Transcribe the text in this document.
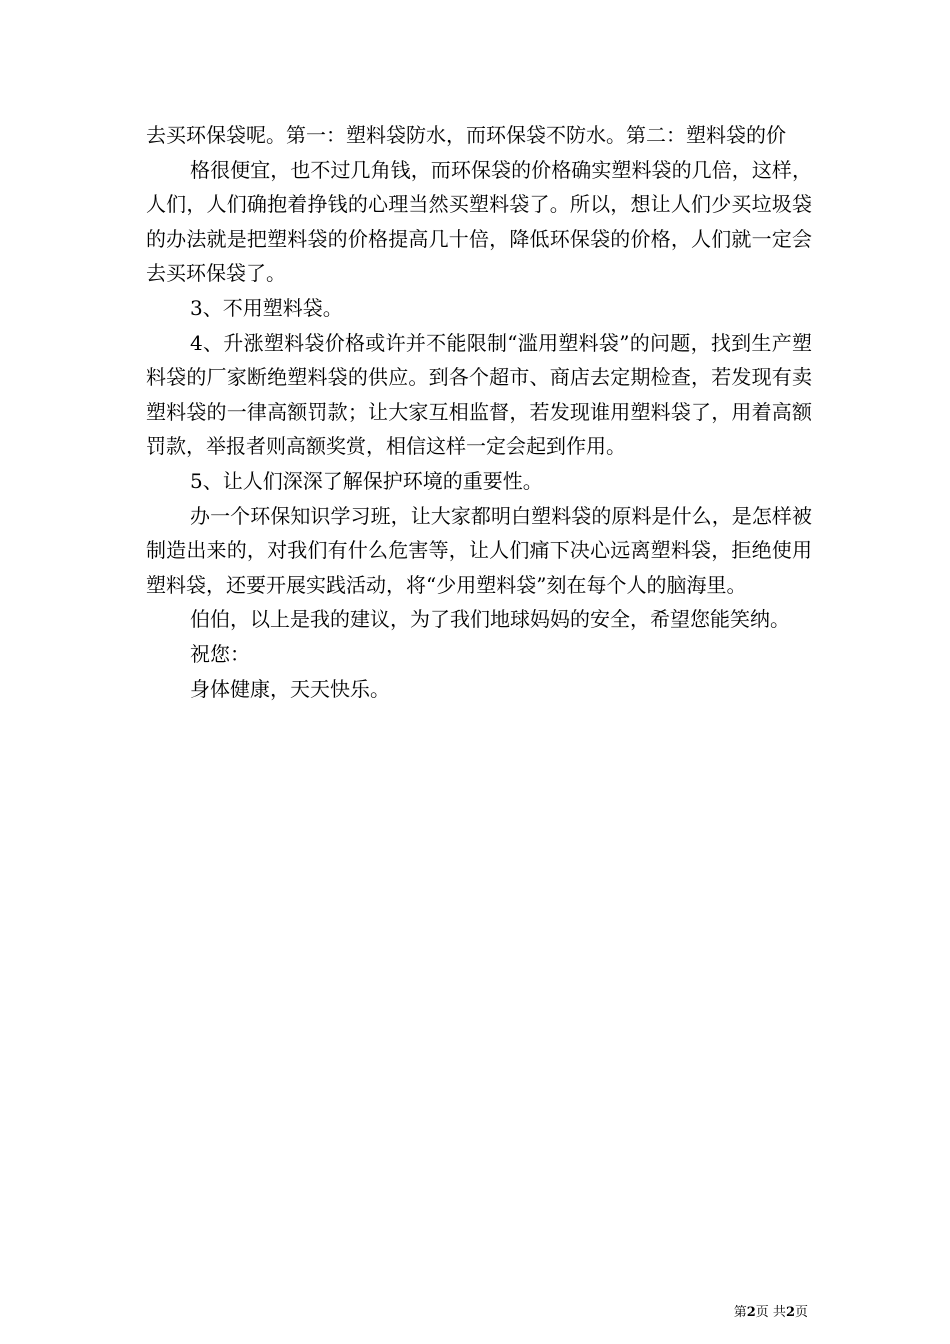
去买环保袋呢。第一：塑料袋防水，而环保袋不防水。第二：塑料袋的价

格很便宜，也不过几角钱，而环保袋的价格确实塑料袋的几倍，这样，人们，人们确抱着挣钱的心理当然买塑料袋了。所以，想让人们少买垃圾袋的办法就是把塑料袋的价格提高几十倍，降低环保袋的价格，人们就一定会去买环保袋了。

3、不用塑料袋。

4、升涨塑料袋价格或许并不能限制“滥用塑料袋”的问题，找到生产塑料袋的厂家断绝塑料袋的供应。到各个超市、商店去定期检查，若发现有卖塑料袋的一律高额罚款；让大家互相监督，若发现谁用塑料袋了，用着高额罚款，举报者则高额奖赏，相信这样一定会起到作用。

5、让人们深深了解保护环境的重要性。

办一个环保知识学习班，让大家都明白塑料袋的原料是什么，是怎样被制造出来的，对我们有什么危害等，让人们痛下决心远离塑料袋，拒绝使用塑料袋，还要开展实践活动，将“少用塑料袋”刻在每个人的脑海里。

伯伯，以上是我的建议，为了我们地球妈妈的安全，希望您能笑纳。

祝您：

身体健康，天天快乐。

第2页 共2页
